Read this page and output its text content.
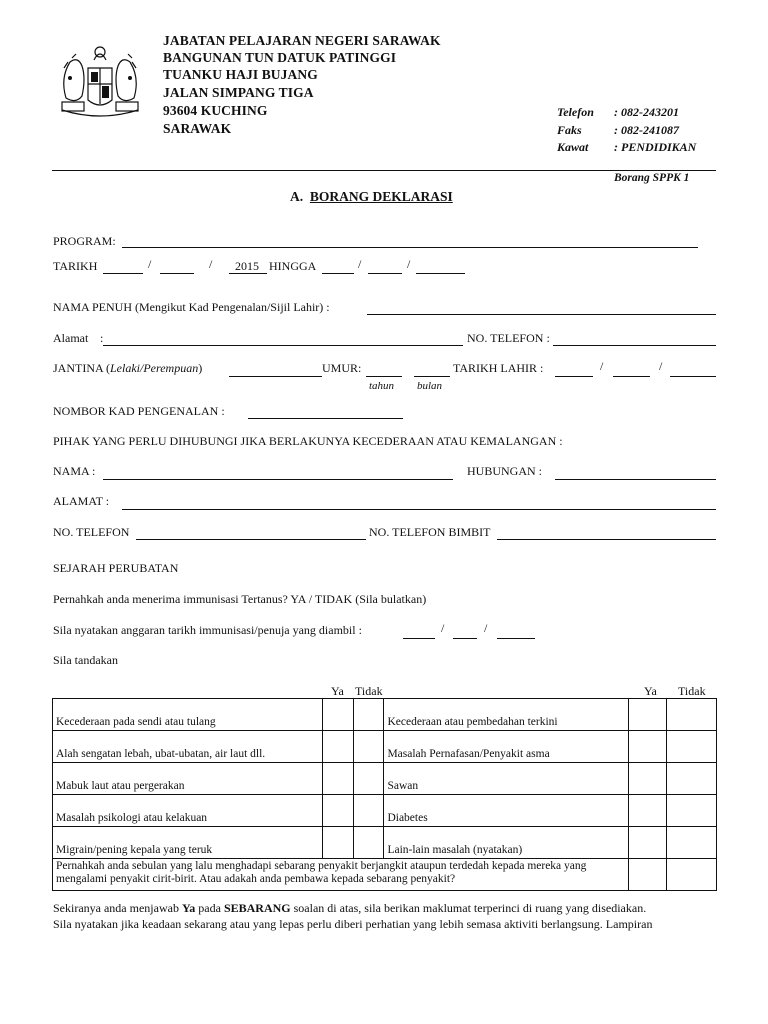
JABATAN PELAJARAN NEGERI SARAWAK
BANGUNAN TUN DATUK PATINGGI
TUANKU HAJI BUJANG
JALAN SIMPANG TIGA
93604 KUCHING
SARAWAK
Telefon : 082-243201
Faks	: 082-241087
Kawat : PENDIDIKAN
Borang SPPK 1
A. BORANG DEKLARASI
PROGRAM:
TARIKH	/	/ 2015 HINGGA	/	/
NAMA PENUH (Mengikut Kad Pengenalan/Sijil Lahir) :
Alamat :	NO. TELEFON :
JANTINA (Lelaki/Perempuan)	UMUR:	TARIKH LAHIR :	/	/
tahun bulan
NOMBOR KAD PENGENALAN :
PIHAK YANG PERLU DIHUBUNGI JIKA BERLAKUNYA KECEDERAAN ATAU KEMALANGAN :
NAMA :	HUBUNGAN :
ALAMAT :
NO. TELEFON	NO. TELEFON BIMBIT
SEJARAH PERUBATAN
Pernahkah anda menerima immunisasi Tertanus? YA / TIDAK (Sila bulatkan)
Sila nyatakan anggaran tarikh immunisasi/penuja yang diambil :	/	/
Sila tandakan
Ya Tidak	Ya Tidak
Kecederaan pada sendi atau tulang			Kecederaan atau pembedahan terkini		
Alah sengatan lebah, ubat-ubatan, air laut dll.			Masalah Pernafasan/Penyakit asma		
Mabuk laut atau pergerakan			Sawan		
Masalah psikologi atau kelakuan			Diabetes		
Migrain/pening kepala yang teruk			Lain-lain masalah (nyatakan)		
Pernahkah anda sebulan yang lalu menghadapi sebarang penyakit berjangkit ataupun terdedah kepada mereka yang mengalami penyakit cirit-birit. Atau adakah anda pembawa kepada sebarang penyakit?					
Sekiranya anda menjawab Ya pada SEBARANG soalan di atas, sila berikan maklumat terperinci di ruang yang disediakan. Sila nyatakan jika keadaan sekarang atau yang lepas perlu diberi perhatian yang lebih semasa aktiviti berlangsung. Lampiran
